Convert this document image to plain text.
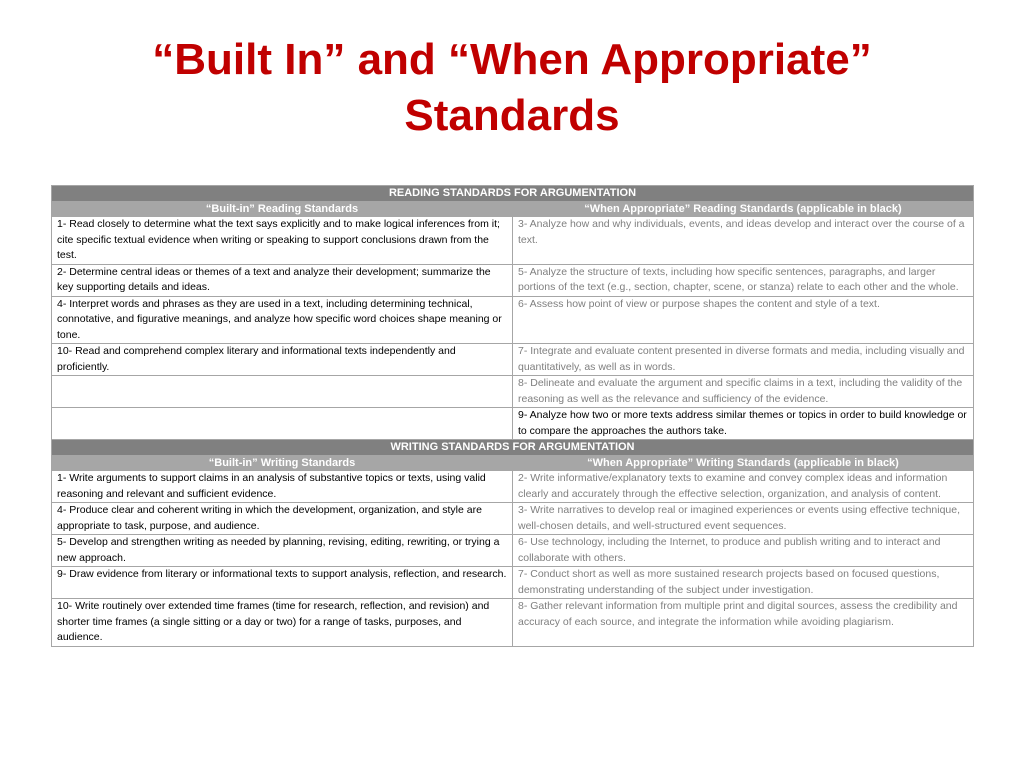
“Built In” and “When Appropriate”
Standards
READING STANDARDS FOR ARGUMENTATION	
“Built-in” Reading Standards	“When Appropriate” Reading Standards (applicable in black)
1- Read closely to determine what the text says explicitly and to make logical inferences from it; cite specific textual evidence when writing or speaking to support conclusions drawn from the test.	3- Analyze how and why individuals, events, and ideas develop and interact over the course of a text.
2- Determine central ideas or themes of a text and analyze their development; summarize the key supporting details and ideas.	5- Analyze the structure of texts, including how specific sentences, paragraphs, and larger portions of the text (e.g., section, chapter, scene, or stanza) relate to each other and the whole.
4- Interpret words and phrases as they are used in a text, including determining technical, connotative, and figurative meanings, and analyze how specific word choices shape meaning or tone.	6- Assess how point of view or purpose shapes the content and style of a text.
10- Read and comprehend complex literary and informational texts independently and proficiently.	7- Integrate and evaluate content presented in diverse formats and media, including visually and quantitatively, as well as in words.
	8- Delineate and evaluate the argument and specific claims in a text, including the validity of the reasoning as well as the relevance and sufficiency of the evidence.
	9- Analyze how two or more texts address similar themes or topics in order to build knowledge or to compare the approaches the authors take.
WRITING STANDARDS FOR ARGUMENTATION	
“Built-in” Writing Standards	“When Appropriate” Writing Standards (applicable in black)
1- Write arguments to support claims in an analysis of substantive topics or texts, using valid reasoning and relevant and sufficient evidence.	2- Write informative/explanatory texts to examine and convey complex ideas and information clearly and accurately through the effective selection, organization, and analysis of content.
4- Produce clear and coherent writing in which the development, organization, and style are appropriate to task, purpose, and audience.	3- Write narratives to develop real or imagined experiences or events using effective technique, well-chosen details, and well-structured event sequences.
5- Develop and strengthen writing as needed by planning, revising, editing, rewriting, or trying a new approach.	6- Use technology, including the Internet, to produce and publish writing and to interact and collaborate with others.
9- Draw evidence from literary or informational texts to support analysis, reflection, and research.	7- Conduct short as well as more sustained research projects based on focused questions, demonstrating understanding of the subject under investigation.
10- Write routinely over extended time frames (time for research, reflection, and revision) and shorter time frames (a single sitting or a day or two) for a range of tasks, purposes, and audience.	8- Gather relevant information from multiple print and digital sources, assess the credibility and accuracy of each source, and integrate the information while avoiding plagiarism.
